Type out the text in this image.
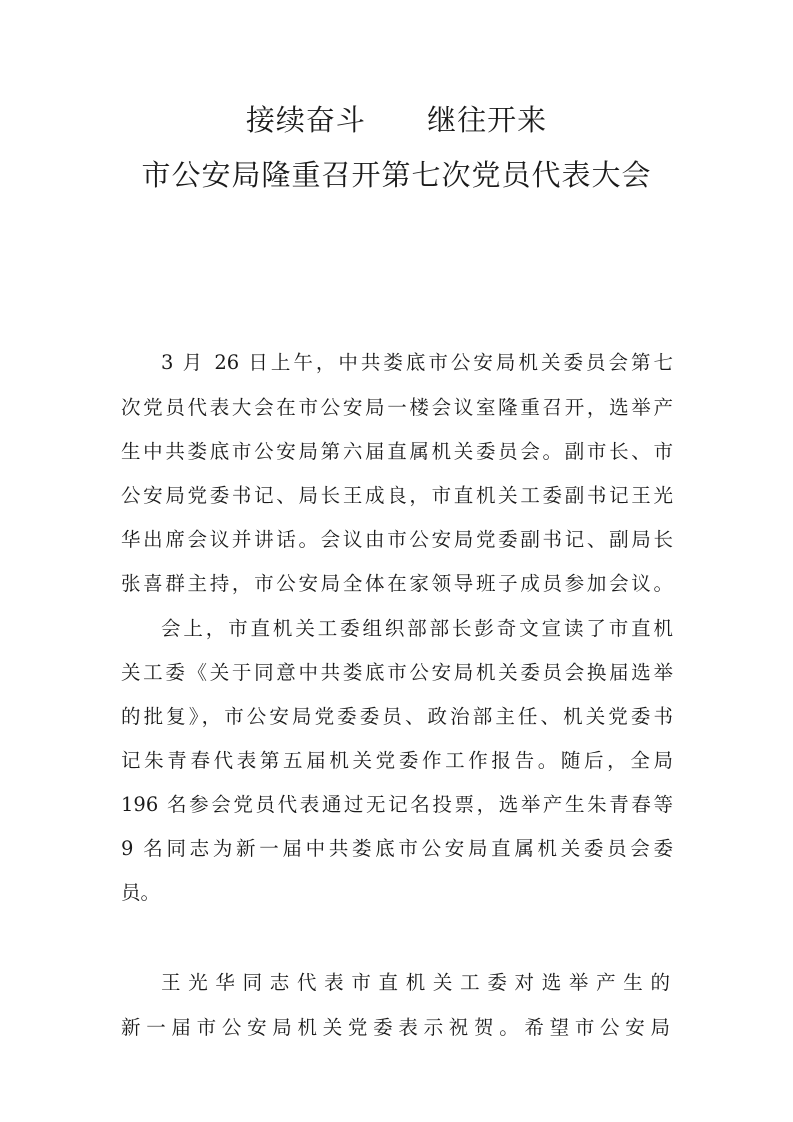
接续奋斗      继往开来
市公安局隆重召开第七次党员代表大会
3 月 26 日上午，中共娄底市公安局机关委员会第七
次党员代表大会在市公安局一楼会议室隆重召开，选举产
生中共娄底市公安局第六届直属机关委员会。副市长、市
公安局党委书记、局长王成良，市直机关工委副书记王光
华出席会议并讲话。会议由市公安局党委副书记、副局长
张喜群主持，市公安局全体在家领导班子成员参加会议。
会上，市直机关工委组织部部长彭奇文宣读了市直机
关工委《关于同意中共娄底市公安局机关委员会换届选举
的批复》，市公安局党委委员、政治部主任、机关党委书
记朱青春代表第五届机关党委作工作报告。随后，全局
196 名参会党员代表通过无记名投票，选举产生朱青春等
9 名同志为新一届中共娄底市公安局直属机关委员会委
员。
王光华同志代表市直机关工委对选举产生的
新一届市公安局机关党委表示祝贺。希望市公安局
